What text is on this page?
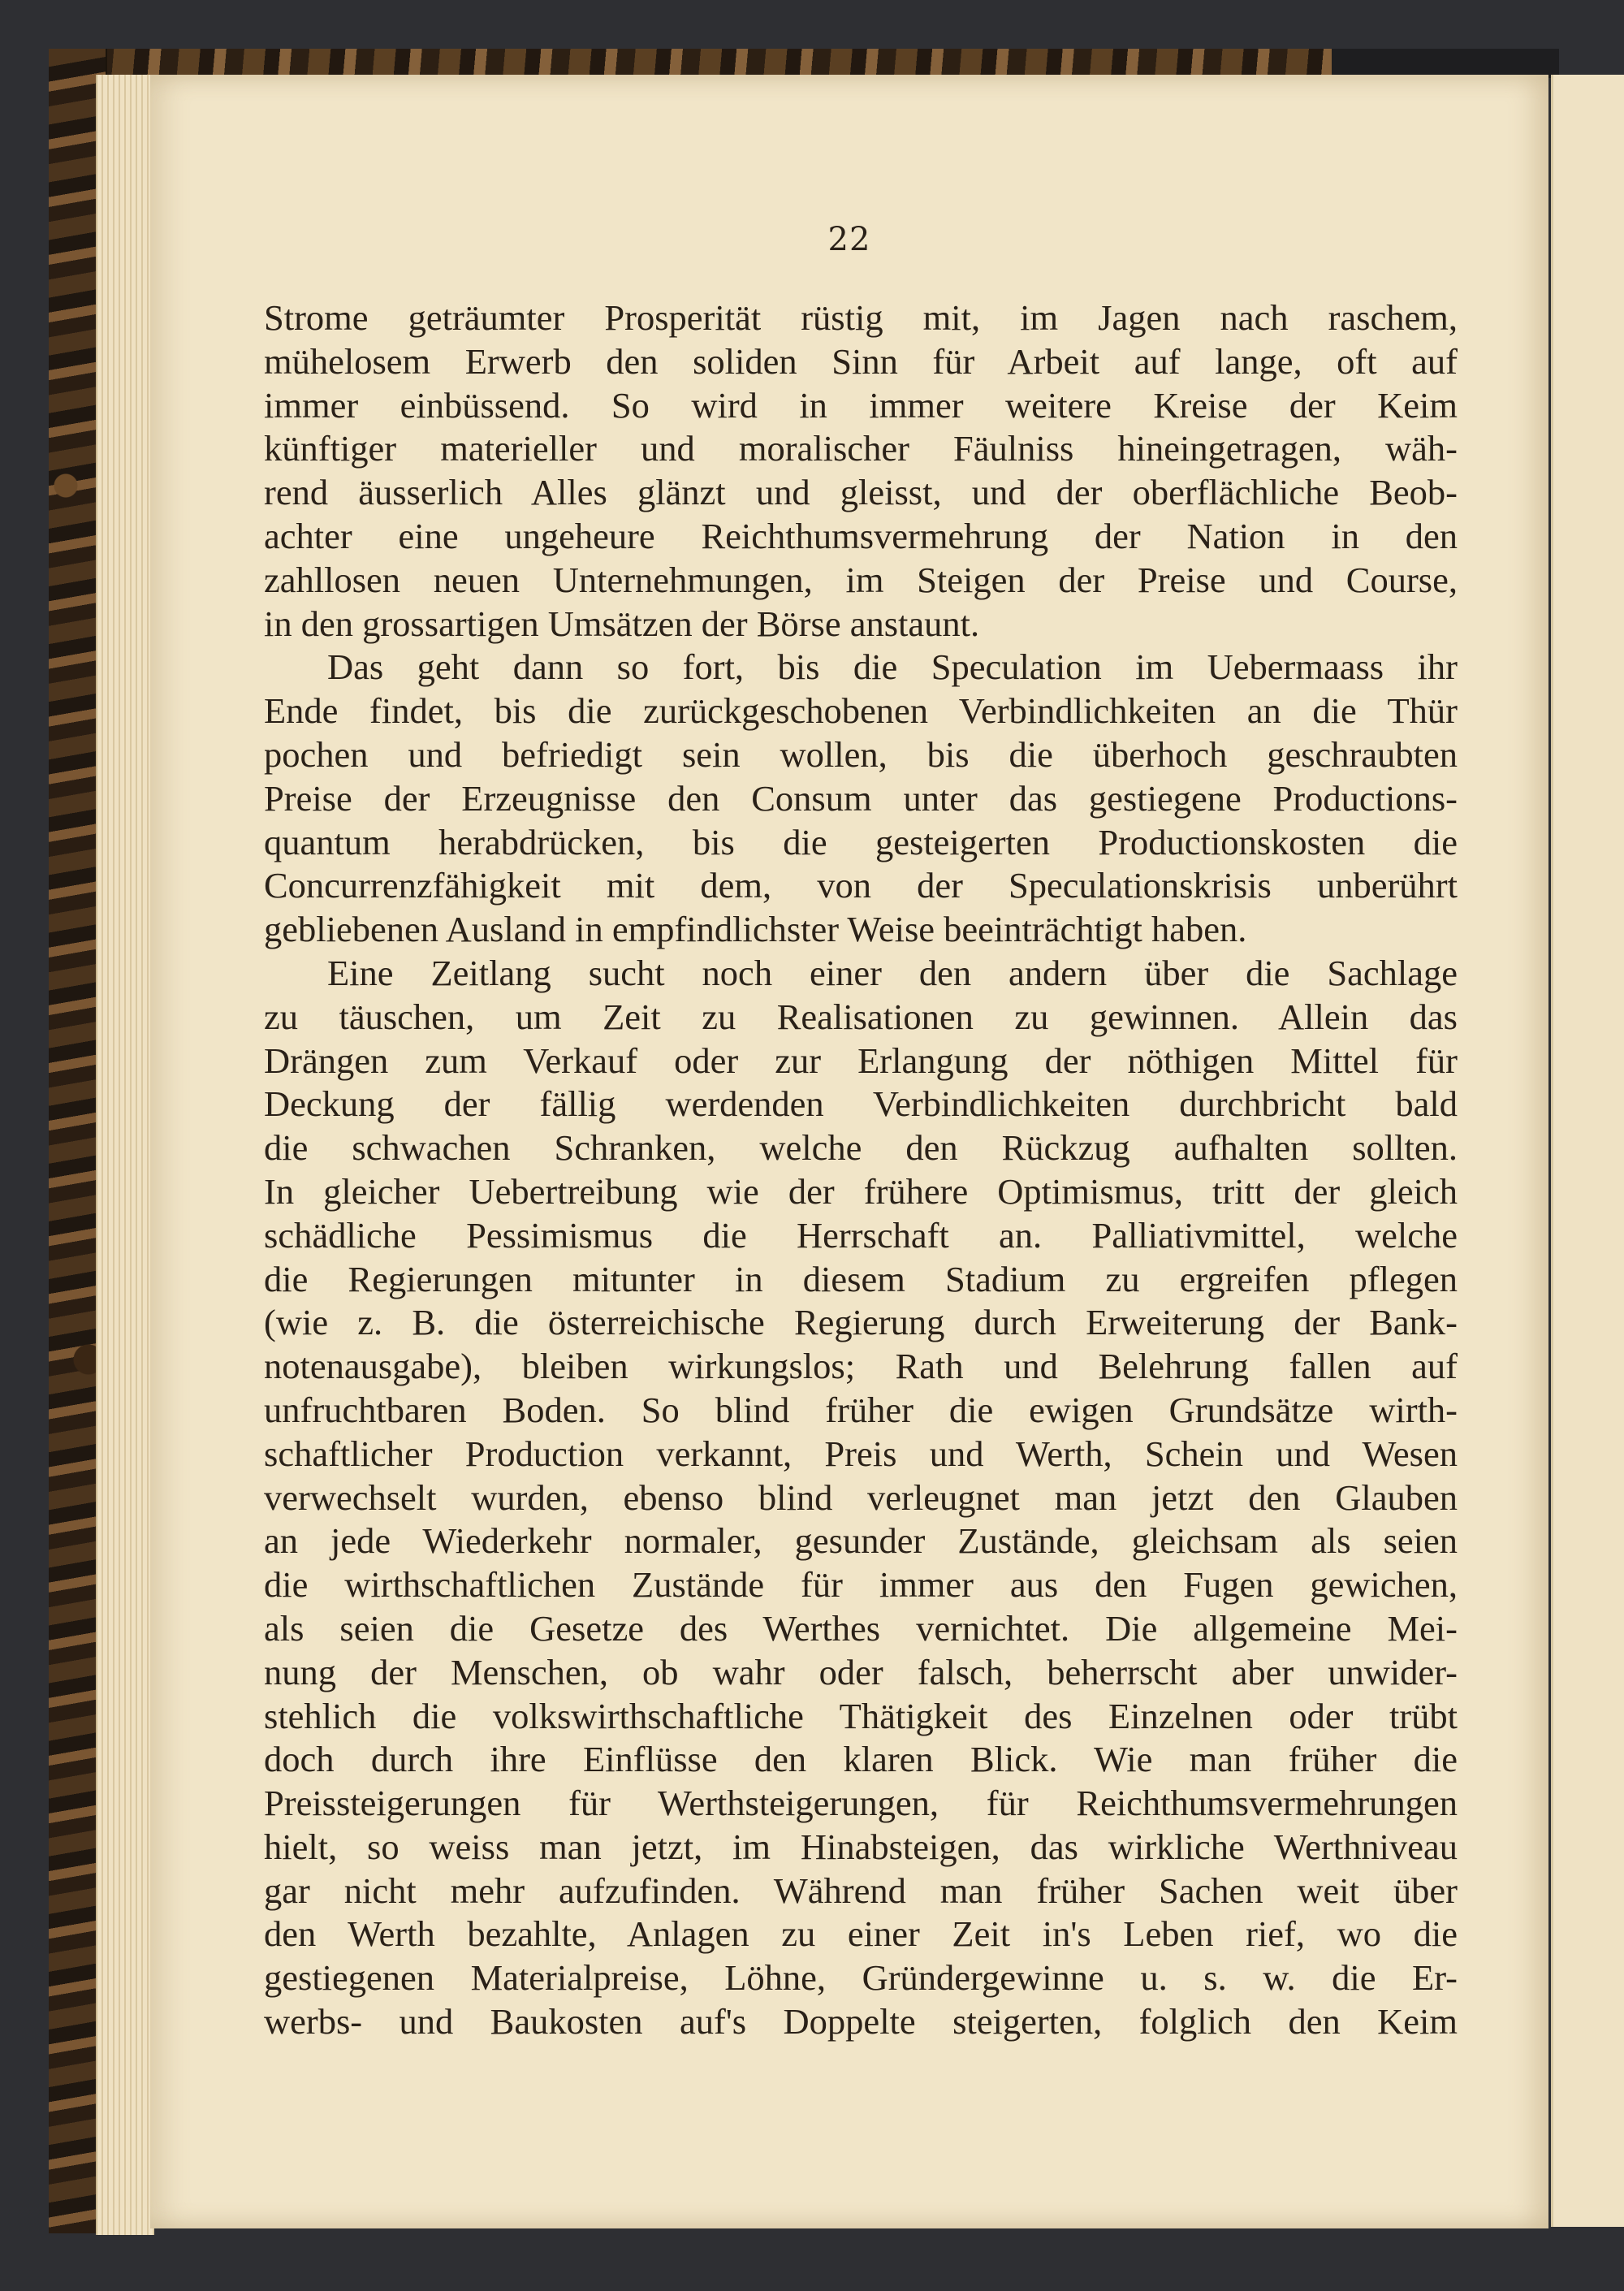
22
Strome geträumter Prosperität rüstig mit, im Jagen nach raschem,
mühelosem Erwerb den soliden Sinn für Arbeit auf lange, oft auf
immer einbüssend. So wird in immer weitere Kreise der Keim
künftiger materieller und moralischer Fäulniss hineingetragen, wäh-
rend äusserlich Alles glänzt und gleisst, und der oberflächliche Beob-
achter eine ungeheure Reichthumsvermehrung der Nation in den
zahllosen neuen Unternehmungen, im Steigen der Preise und Course,
in den grossartigen Umsätzen der Börse anstaunt.
Das geht dann so fort, bis die Speculation im Uebermaass ihr
Ende findet, bis die zurückgeschobenen Verbindlichkeiten an die Thür
pochen und befriedigt sein wollen, bis die überhoch geschraubten
Preise der Erzeugnisse den Consum unter das gestiegene Productions-
quantum herabdrücken, bis die gesteigerten Productionskosten die
Concurrenzfähigkeit mit dem, von der Speculationskrisis unberührt
gebliebenen Ausland in empfindlichster Weise beeinträchtigt haben.
Eine Zeitlang sucht noch einer den andern über die Sachlage
zu täuschen, um Zeit zu Realisationen zu gewinnen. Allein das
Drängen zum Verkauf oder zur Erlangung der nöthigen Mittel für
Deckung der fällig werdenden Verbindlichkeiten durchbricht bald
die schwachen Schranken, welche den Rückzug aufhalten sollten.
In gleicher Uebertreibung wie der frühere Optimismus, tritt der gleich
schädliche Pessimismus die Herrschaft an. Palliativmittel, welche
die Regierungen mitunter in diesem Stadium zu ergreifen pflegen
(wie z. B. die österreichische Regierung durch Erweiterung der Bank-
notenausgabe), bleiben wirkungslos; Rath und Belehrung fallen auf
unfruchtbaren Boden. So blind früher die ewigen Grundsätze wirth-
schaftlicher Production verkannt, Preis und Werth, Schein und Wesen
verwechselt wurden, ebenso blind verleugnet man jetzt den Glauben
an jede Wiederkehr normaler, gesunder Zustände, gleichsam als seien
die wirthschaftlichen Zustände für immer aus den Fugen gewichen,
als seien die Gesetze des Werthes vernichtet. Die allgemeine Mei-
nung der Menschen, ob wahr oder falsch, beherrscht aber unwider-
stehlich die volkswirthschaftliche Thätigkeit des Einzelnen oder trübt
doch durch ihre Einflüsse den klaren Blick. Wie man früher die
Preissteigerungen für Werthsteigerungen, für Reichthumsvermehrungen
hielt, so weiss man jetzt, im Hinabsteigen, das wirkliche Werthniveau
gar nicht mehr aufzufinden. Während man früher Sachen weit über
den Werth bezahlte, Anlagen zu einer Zeit in's Leben rief, wo die
gestiegenen Materialpreise, Löhne, Gründergewinne u. s. w. die Er-
werbs- und Baukosten auf's Doppelte steigerten, folglich den Keim
